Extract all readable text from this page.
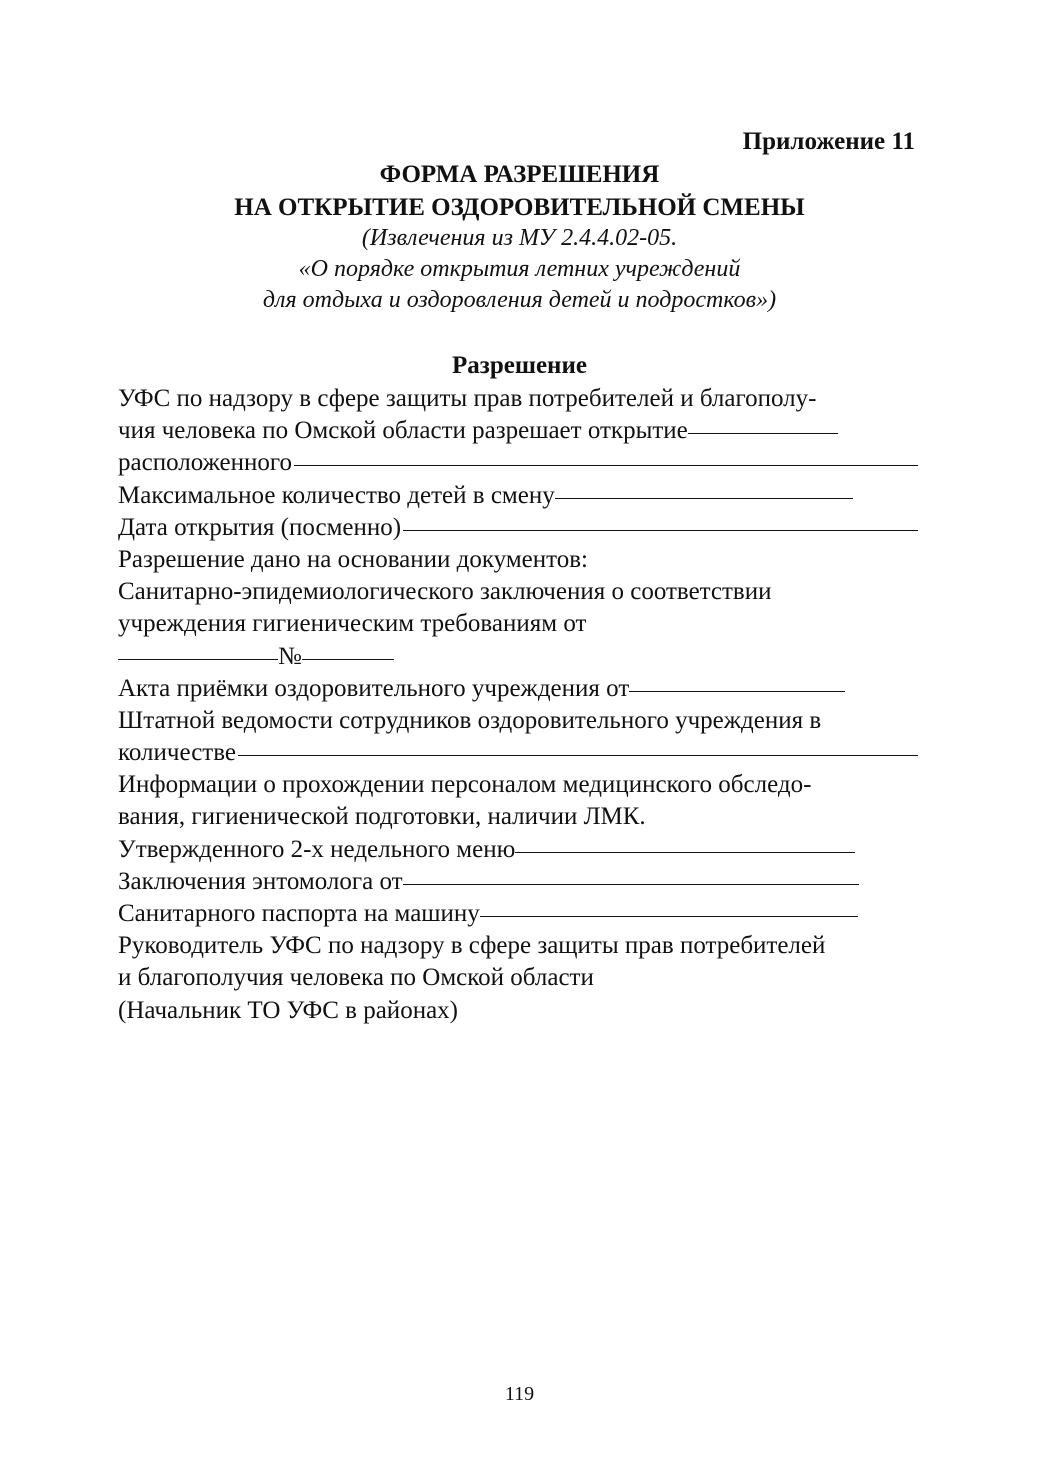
Приложение 11
ФОРМА РАЗРЕШЕНИЯ
НА ОТКРЫТИЕ ОЗДОРОВИТЕЛЬНОЙ СМЕНЫ
(Извлечения из МУ 2.4.4.02-05.
«О порядке открытия летних учреждений
для отдыха и оздоровления детей и подростков»)
Разрешение
УФС по надзору в сфере защиты прав потребителей и благополу-
чия человека по Омской области разрешает открытие
расположенного
Максимальное количество детей в смену
Дата открытия (посменно)
Разрешение дано на основании документов:
Санитарно-эпидемиологического заключения о соответствии
учреждения гигиеническим требованиям от
№
Акта приёмки оздоровительного учреждения от
Штатной ведомости сотрудников оздоровительного учреждения в
количестве
Информации о прохождении персоналом медицинского обследо-
вания, гигиенической подготовки, наличии ЛМК.
Утвержденного 2-х недельного меню
Заключения энтомолога от
Санитарного паспорта на машину
Руководитель УФС по надзору в сфере защиты прав потребителей
и благополучия человека по Омской области
(Начальник ТО УФС в районах)
119
